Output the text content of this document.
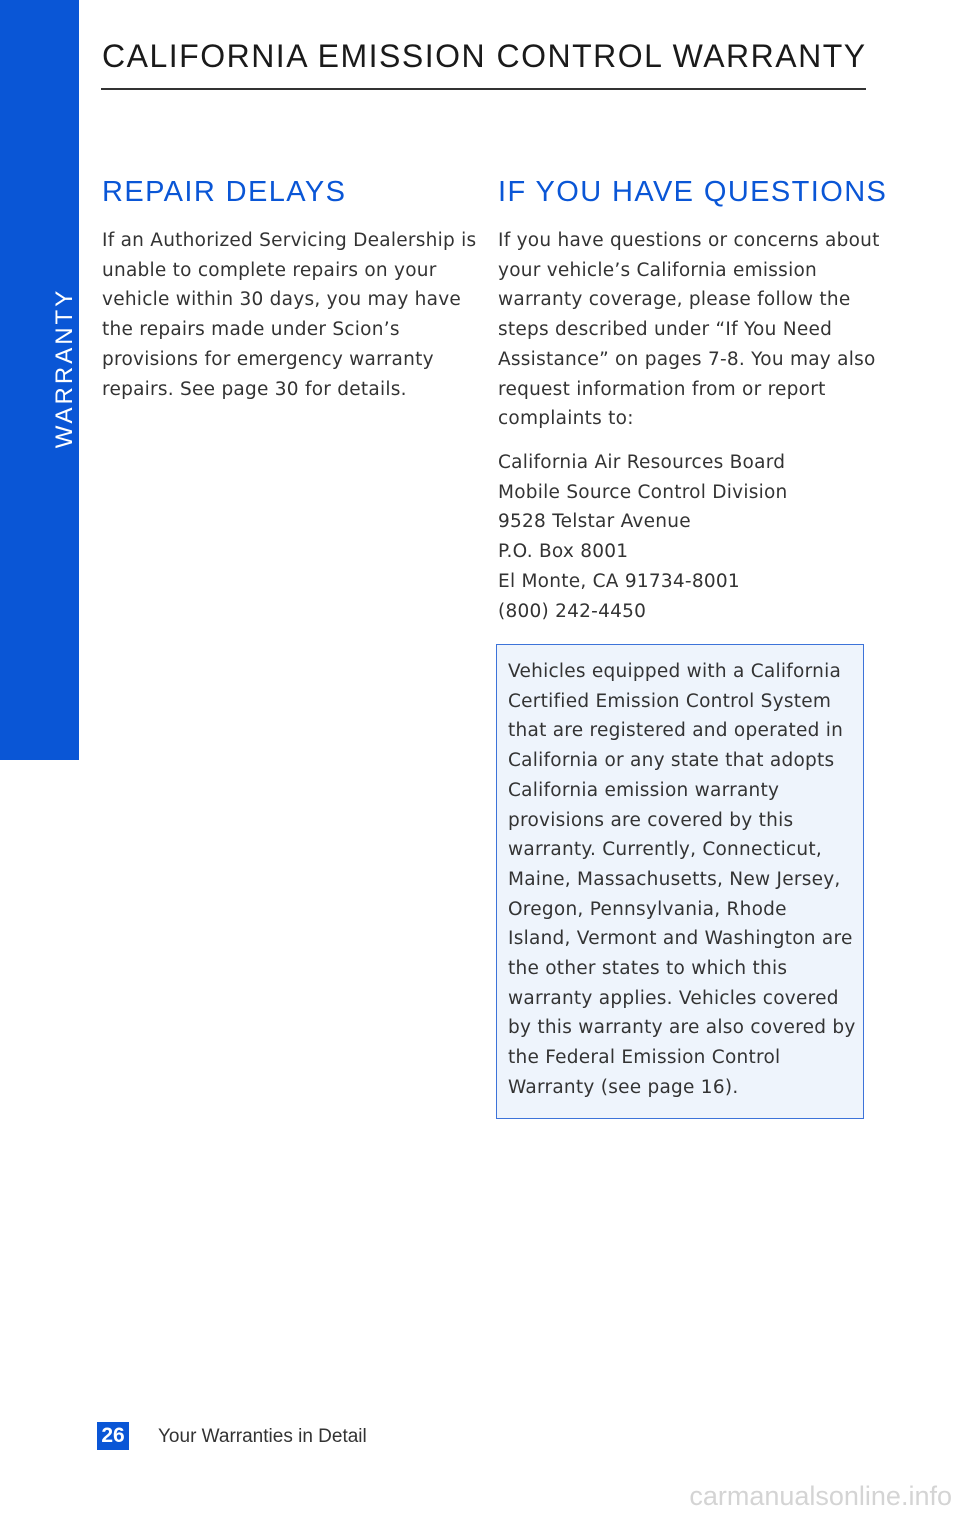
WARRANTY
CALIFORNIA EMISSION CONTROL WARRANTY
REPAIR DELAYS

If an Authorized Servicing Dealership is
unable to complete repairs on your
vehicle within 30 days, you may have
the repairs made under Scion’s
provisions for emergency warranty
repairs. See page 30 for details.

IF YOU HAVE QUESTIONS

If you have questions or concerns about
your vehicle’s California emission
warranty coverage, please follow the
steps described under “If You Need
Assistance” on pages 7-8. You may also
request information from or report
complaints to:

California Air Resources Board
Mobile Source Control Division
9528 Telstar Avenue
P.O. Box 8001
El Monte, CA 91734-8001
(800) 242-4450

Vehicles equipped with a California
Certified Emission Control System
that are registered and operated in
California or any state that adopts
California emission warranty
provisions are covered by this
warranty. Currently, Connecticut,
Maine, Massachusetts, New Jersey,
Oregon, Pennsylvania, Rhode
Island, Vermont and Washington are
the other states to which this
warranty applies. Vehicles covered
by this warranty are also covered by
the Federal Emission Control
Warranty (see page 16).

26 Your Warranties in Detail
carmanualsonline.info
